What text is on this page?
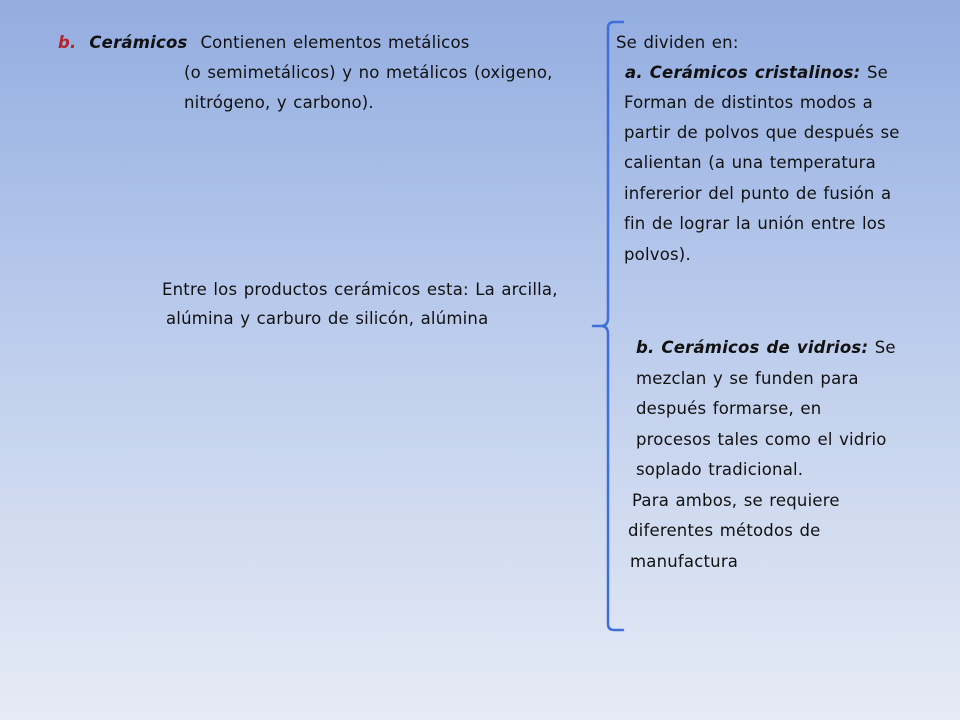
b. Cerámicos Contienen elementos metálicos
(o semimetálicos) y no metálicos (oxigeno,
nitrógeno, y carbono).
Entre los productos cerámicos esta: La arcilla,
alúmina y carburo de silicón, alúmina
Se dividen en:
a. Cerámicos cristalinos: Se
Forman de distintos modos a
partir de polvos que después se
calientan (a una temperatura
infererior del punto de fusión a
fin de lograr la unión entre los
polvos).
b. Cerámicos de vidrios: Se
mezclan y se funden para
después formarse, en
procesos tales como el vidrio
soplado tradicional.
Para ambos, se requiere
diferentes métodos de
manufactura
